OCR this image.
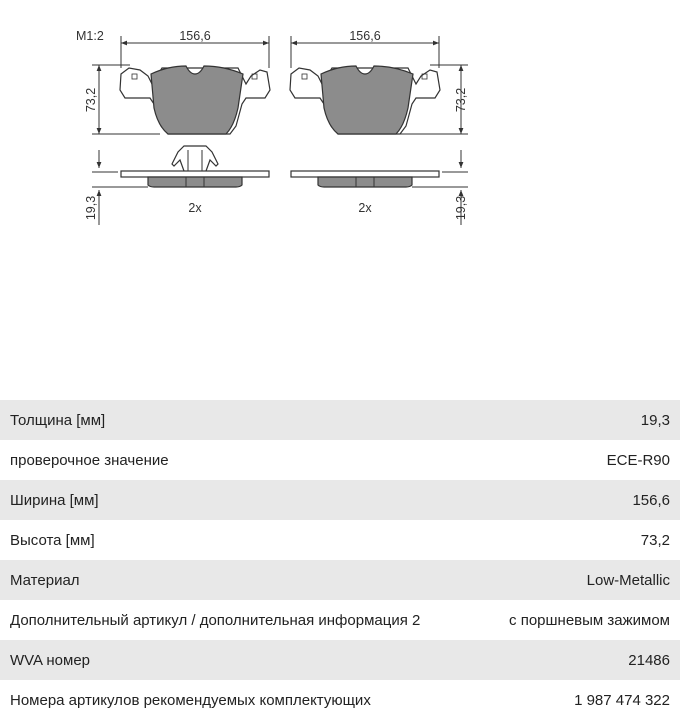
M1:2	156,6
73,2
19,3	2x
156,6
73,2
19,3
2x
Толщина [мм]	19,3
проверочное значение	ECE-R90
Ширина [мм]	156,6
Высота [мм]	73,2
Материал	Low-Metallic
Дополнительный артикул / дополнительная информация 2	с поршневым зажимом
WVA номер	21486
Номера артикулов рекомендуемых комплектующих	1 987 474 322
